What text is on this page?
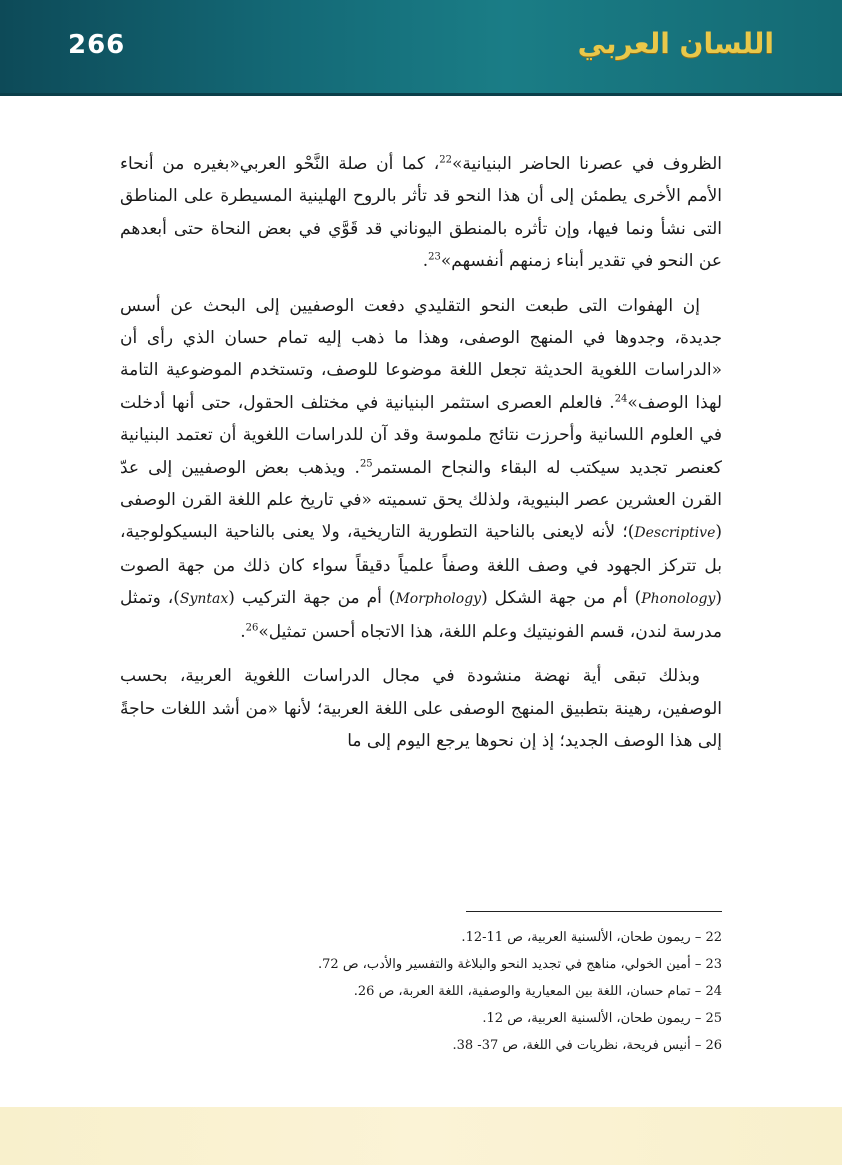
266	اللسان العربي

الظروف في عصرنا الحاضر البنيانية»$^{22}$، كما أن صلة النَّحْو العربي«بغيره من أنحاء الأمم الأخرى يطمئن إلى أن هذا النحو قد تأثر بالروح الهلينية المسيطرة على المناطق التى نشأ ونما فيها، وإن تأثره بالمنطق اليوناني قد قَوَّي في بعض النحاة حتى أبعدهم عن النحو في تقدير أبناء زمنهم أنفسهم»$^{23}$.

إن الهفوات التى طبعت النحو التقليدي دفعت الوصفيين إلى البحث عن أسس جديدة، وجدوها في المنهج الوصفى، وهذا ما ذهب إليه تمام حسان الذي رأى أن «الدراسات اللغوية الحديثة تجعل اللغة موضوعا للوصف، وتستخدم الموضوعية التامة لهذا الوصف»$^{24}$. فالعلم العصرى استثمر البنيانية في مختلف الحقول، حتى أنها أدخلت في العلوم اللسانية وأحرزت نتائج ملموسة وقد آن للدراسات اللغوية أن تعتمد البنيانية كعنصر تجديد سيكتب له البقاء والنجاح المستمر$^{25}$. ويذهب بعض الوصفيين إلى عدّ القرن العشرين عصر البنيوية، ولذلك يحق تسميته «في تاريخ علم اللغة القرن الوصفى (Descriptive)؛ لأنه لايعنى بالناحية التطورية التاريخية، ولا يعنى بالناحية البسيكولوجية، بل تتركز الجهود في وصف اللغة وصفاً علمياً دقيقاً سواء كان ذلك من جهة الصوت (Phonology) أم من جهة الشكل (Morphology) أم من جهة التركيب (Syntax)، وتمثل مدرسة لندن، قسم الفونيتيك وعلم اللغة، هذا الاتجاه أحسن تمثيل»$^{26}$.

وبذلك تبقى أية نهضة منشودة في مجال الدراسات اللغوية العربية، بحسب الوصفين، رهينة بتطبيق المنهج الوصفى على اللغة العربية؛ لأنها «من أشد اللغات حاجةً إلى هذا الوصف الجديد؛ إذ إن نحوها يرجع اليوم إلى ما

22 – ريمون طحان، الألسنية العربية، ص 11-12.

23 – أمين الخولي، مناهج في تجديد النحو والبلاغة والتفسير والأدب، ص 72.

24 – تمام حسان، اللغة بين المعيارية والوصفية، اللغة العربة، ص 26.

25 – ريمون طحان، الألسنية العربية، ص 12.

26 – أنيس فريحة، نظريات في اللغة، ص 37- 38.
